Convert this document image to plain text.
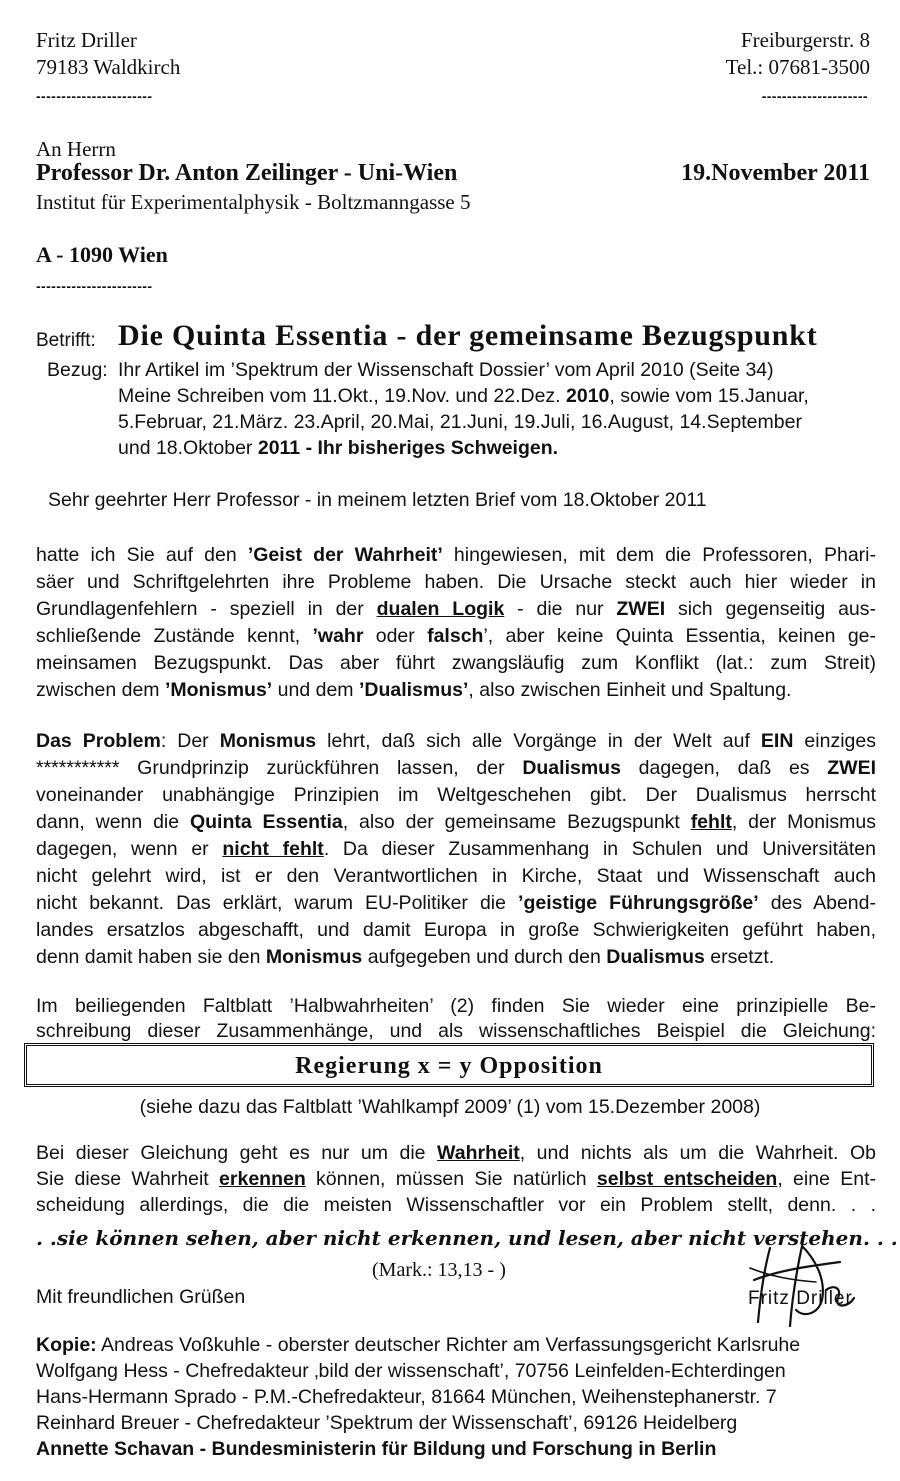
Fritz Driller
79183 Waldkirch
-----------------------
Freiburgerstr. 8
Tel.: 07681-3500
---------------------
An Herrn
Professor Dr. Anton Zeilinger - Uni-Wien	19.November 2011
Institut für Experimentalphysik - Boltzmanngasse 5
A - 1090 Wien
-----------------------
Betrifft: Die Quinta Essentia - der gemeinsame Bezugspunkt
Bezug: Ihr Artikel im ’Spektrum der Wissenschaft Dossier’ vom April 2010 (Seite 34)
Meine Schreiben vom 11.Okt., 19.Nov. und 22.Dez. 2010, sowie vom 15.Januar,
5.Februar, 21.März. 23.April, 20.Mai, 21.Juni, 19.Juli, 16.August, 14.September
und 18.Oktober 2011 - Ihr bisheriges Schweigen.
Sehr geehrter Herr Professor - in meinem letzten Brief vom 18.Oktober 2011
hatte ich Sie auf den ’Geist der Wahrheit’ hingewiesen, mit dem die Professoren, Phari-
säer und Schriftgelehrten ihre Probleme haben. Die Ursache steckt auch hier wieder in
Grundlagenfehlern - speziell in der dualen Logik - die nur ZWEI sich gegenseitig aus-
schließende Zustände kennt, ’wahr oder falsch’, aber keine Quinta Essentia, keinen ge-
meinsamen Bezugspunkt. Das aber führt zwangsläufig zum Konflikt (lat.: zum Streit)
zwischen dem ’Monismus’ und dem ’Dualismus’, also zwischen Einheit und Spaltung.
Das Problem: Der Monismus lehrt, daß sich alle Vorgänge in der Welt auf EIN einziges
*********** Grundprinzip zurückführen lassen, der Dualismus dagegen, daß es ZWEI
voneinander unabhängige Prinzipien im Weltgeschehen gibt. Der Dualismus herrscht
dann, wenn die Quinta Essentia, also der gemeinsame Bezugspunkt fehlt, der Monismus
dagegen, wenn er nicht fehlt. Da dieser Zusammenhang in Schulen und Universitäten
nicht gelehrt wird, ist er den Verantwortlichen in Kirche, Staat und Wissenschaft auch
nicht bekannt. Das erklärt, warum EU-Politiker die ’geistige Führungsgröße’ des Abend-
landes ersatzlos abgeschafft, und damit Europa in große Schwierigkeiten geführt haben,
denn damit haben sie den Monismus aufgegeben und durch den Dualismus ersetzt.
Im beiliegenden Faltblatt ’Halbwahrheiten’ (2) finden Sie wieder eine prinzipielle Be-
schreibung dieser Zusammenhänge, und als wissenschaftliches Beispiel die Gleichung:
Regierung x = y Opposition
(siehe dazu das Faltblatt ’Wahlkampf 2009’ (1) vom 15.Dezember 2008)
Bei dieser Gleichung geht es nur um die Wahrheit, und nichts als um die Wahrheit. Ob
Sie diese Wahrheit erkennen können, müssen Sie natürlich selbst entscheiden, eine Ent-
scheidung allerdings, die die meisten Wissenschaftler vor ein Problem stellt, denn. . .
. .sie können sehen, aber nicht erkennen, und lesen, aber nicht verstehen. . .
(Mark.: 13,13 - )
Mit freundlichen Grüßen	Fritz Driller
Kopie: Andreas Voßkuhle - oberster deutscher Richter am Verfassungsgericht Karlsruhe
Wolfgang Hess - Chefredakteur ‚bild der wissenschaft’, 70756 Leinfelden-Echterdingen
Hans-Hermann Sprado - P.M.-Chefredakteur, 81664 München, Weihenstephanerstr. 7
Reinhard Breuer - Chefredakteur ’Spektrum der Wissenschaft’, 69126 Heidelberg
Annette Schavan - Bundesministerin für Bildung und Forschung in Berlin
